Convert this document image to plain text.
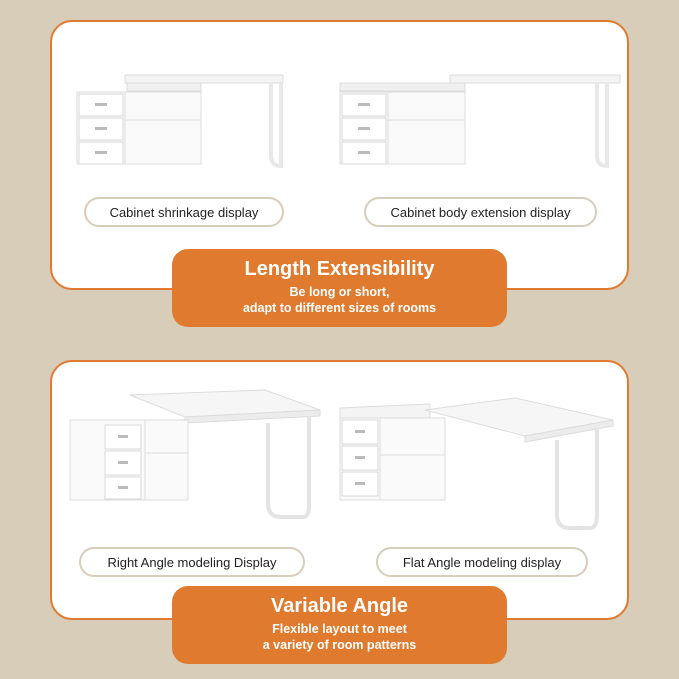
Cabinet shrinkage display	Cabinet body extension display
Length Extensibility
Be long or short,
adapt to different sizes of rooms
Right Angle modeling Display	Flat Angle modeling display
Variable Angle
Flexible layout to meet
a variety of room patterns
